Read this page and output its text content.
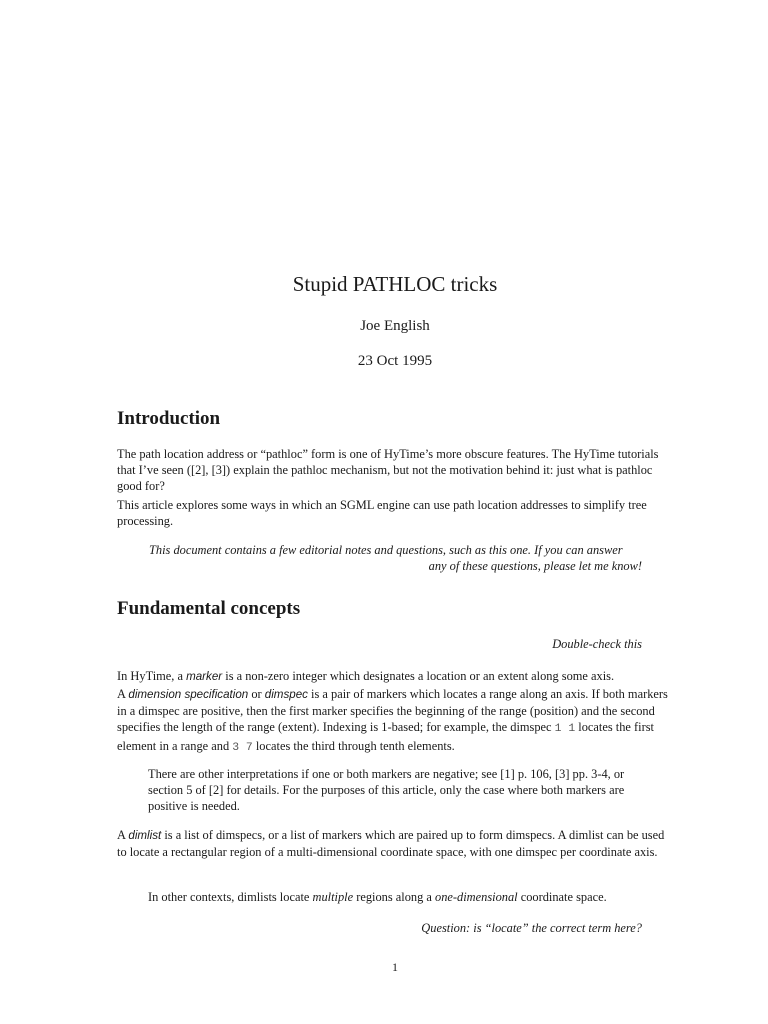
Stupid PATHLOC tricks
Joe English
23 Oct 1995
Introduction

The path location address or “pathloc” form is one of HyTime’s more obscure features. The HyTime tutorials that I’ve seen ([2], [3]) explain the pathloc mechanism, but not the motivation behind it: just what is pathloc good for?

This article explores some ways in which an SGML engine can use path location addresses to simplify tree processing.

This document contains a few editorial notes and questions, such as this one. If you can answer
any of these questions, please let me know!
Fundamental concepts
Double-check this

In HyTime, a marker is a non-zero integer which designates a location or an extent along some axis.

A dimension specification or dimspec is a pair of markers which locates a range along an axis. If both markers in a dimspec are positive, then the first marker specifies the beginning of the range (position) and the second specifies the length of the range (extent). Indexing is 1-based; for example, the dimspec 1 1 locates the first element in a range and 3 7 locates the third through tenth elements.

There are other interpretations if one or both markers are negative; see [1] p. 106, [3] pp. 3-4, or section 5 of [2] for details. For the purposes of this article, only the case where both markers are positive is needed.

A dimlist is a list of dimspecs, or a list of markers which are paired up to form dimspecs. A dimlist can be used to locate a rectangular region of a multi-dimensional coordinate space, with one dimspec per coordinate axis.

In other contexts, dimlists locate multiple regions along a one-dimensional coordinate space.

Question: is “locate” the correct term here?
1
